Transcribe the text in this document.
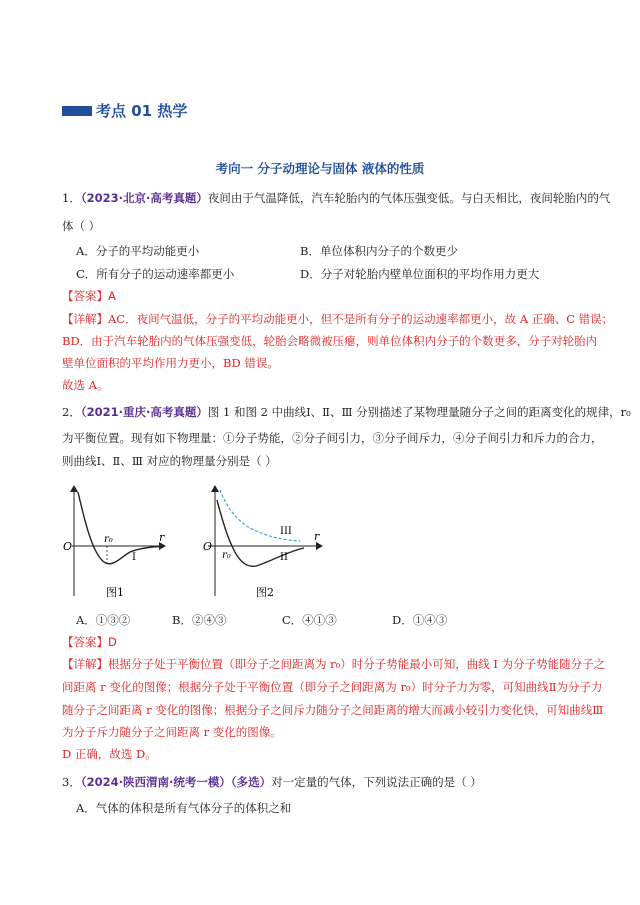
考点 01 热学
考向一 分子动理论与固体 液体的性质
1．（2023·北京·高考真题）夜间由于气温降低，汽车轮胎内的气体压强变低。与白天相比，夜间轮胎内的气
体（ ）
A．分子的平均动能更小	B．单位体积内分子的个数更少
C．所有分子的运动速率都更小	D．分子对轮胎内壁单位面积的平均作用力更大
【答案】A
【详解】AC．夜间气温低，分子的平均动能更小，但不是所有分子的运动速率都更小，故 A 正确、C 错误；
BD．由于汽车轮胎内的气体压强变低，轮胎会略微被压瘪，则单位体积内分子的个数更多，分子对轮胎内
壁单位面积的平均作用力更小，BD 错误。
故选 A。
2．（2021·重庆·高考真题）图 1 和图 2 中曲线Ⅰ、Ⅱ、Ⅲ 分别描述了某物理量随分子之间的距离变化的规律，r₀
为平衡位置。现有如下物理量：①分子势能，②分子间引力，③分子间斥力，④分子间引力和斥力的合力，
则曲线Ⅰ、Ⅱ、Ⅲ 对应的物理量分别是（ ）
O
r₀	r
I
图1
O
r₀
r
III
II
图2
A．①③②	B．②④③	C．④①③	D．①④③
【答案】D
【详解】根据分子处于平衡位置（即分子之间距离为 r₀）时分子势能最小可知，曲线 I 为分子势能随分子之
间距离 r 变化的图像；根据分子处于平衡位置（即分子之间距离为 r₀）时分子力为零，可知曲线Ⅱ为分子力
随分子之间距离 r 变化的图像；根据分子之间斥力随分子之间距离的增大而减小较引力变化快，可知曲线Ⅲ
为分子斥力随分子之间距离 r 变化的图像。
D 正确，故选 D。
3．（2024·陕西渭南·统考一模）（多选）对一定量的气体，下列说法正确的是（ ）
A．气体的体积是所有气体分子的体积之和
